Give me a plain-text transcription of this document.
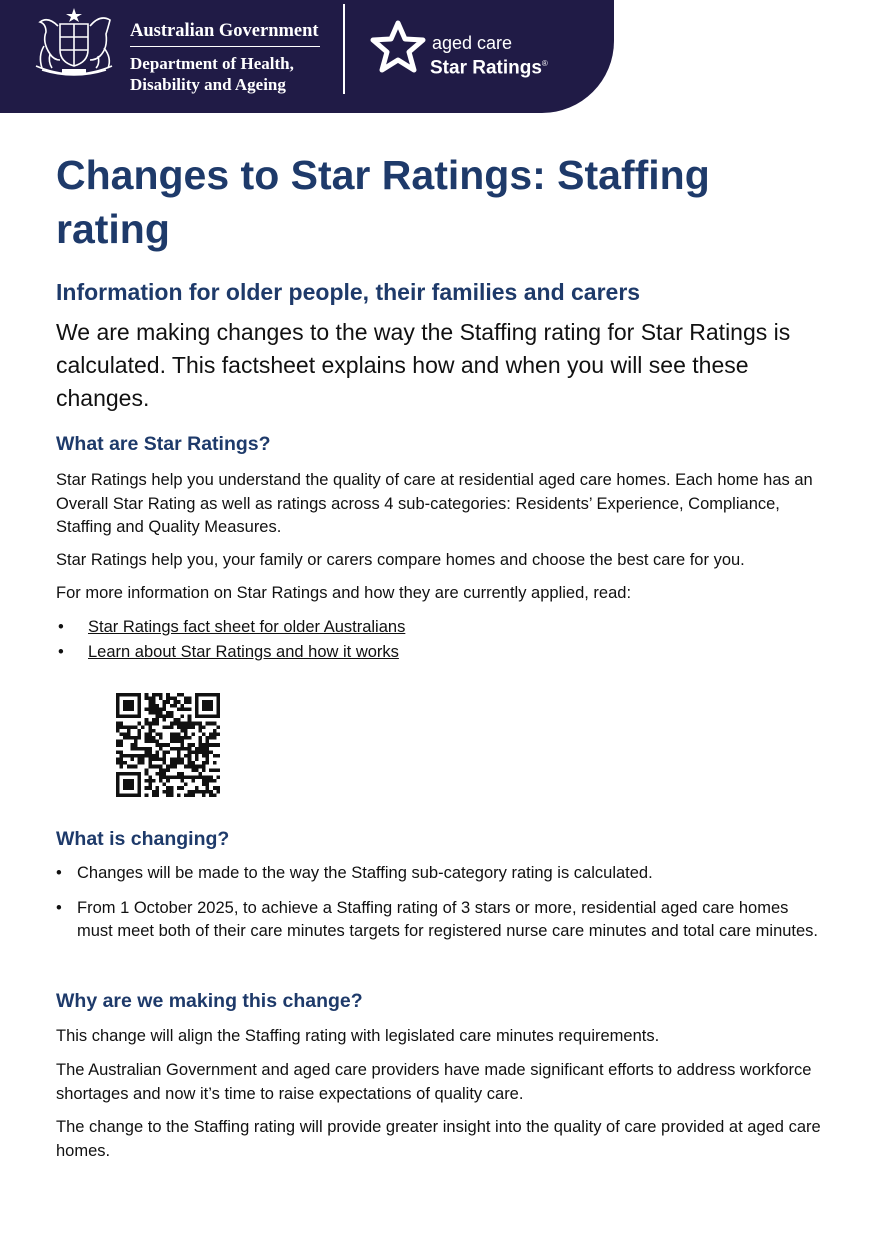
Australian Government
Department of Health,
Disability and Ageing
aged care
Star Ratings®
Changes to Star Ratings: Staffing rating
Information for older people, their families and carers

We are making changes to the way the Staffing rating for Star Ratings is calculated. This factsheet explains how and when you will see these changes.

What are Star Ratings?

Star Ratings help you understand the quality of care at residential aged care homes. Each home has an Overall Star Rating as well as ratings across 4 sub-categories: Residents’ Experience, Compliance, Staffing and Quality Measures.

Star Ratings help you, your family or carers compare homes and choose the best care for you.

For more information on Star Ratings and how they are currently applied, read:

• Star Ratings fact sheet for older Australians
• Learn about Star Ratings and how it works
What is changing?
• Changes will be made to the way the Staffing sub-category rating is calculated.
• From 1 October 2025, to achieve a Staffing rating of 3 stars or more, residential aged care homes must meet both of their care minutes targets for registered nurse care minutes and total care minutes.
Why are we making this change?

This change will align the Staffing rating with legislated care minutes requirements.

The Australian Government and aged care providers have made significant efforts to address workforce shortages and now it’s time to raise expectations of quality care.

The change to the Staffing rating will provide greater insight into the quality of care provided at aged care homes.
